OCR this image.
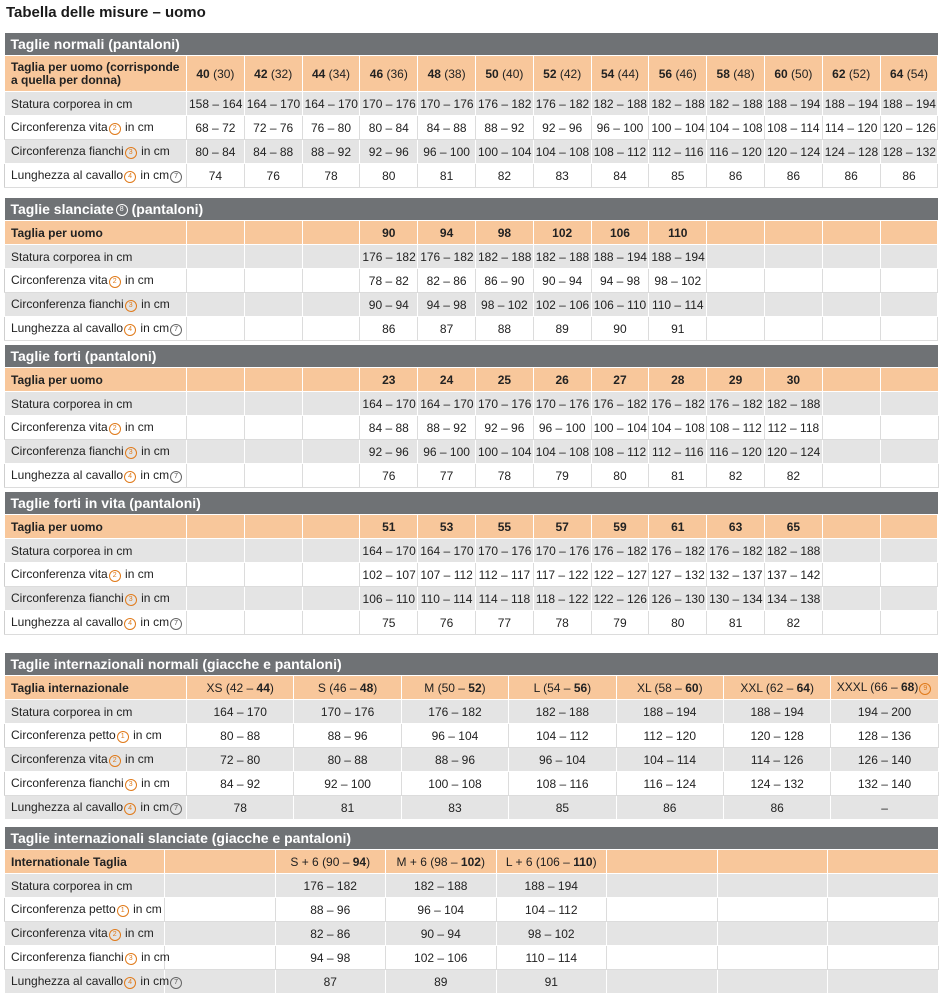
Tabella delle misure – uomo
Taglie normali (pantaloni)													
Taglia per uomo (corrisponde a quella per donna)	40 (30)	42 (32)	44 (34)	46 (36)	48 (38)	50 (40)	52 (42)	54 (44)	56 (46)	58 (48)	60 (50)	62 (52)	64 (54)
Statura corporea in cm	158 – 164	164 – 170	164 – 170	170 – 176	170 – 176	176 – 182	176 – 182	182 – 188	182 – 188	182 – 188	188 – 194	188 – 194	188 – 194
Circonferenza vita 2 in cm	68 – 72	72 – 76	76 – 80	80 – 84	84 – 88	88 – 92	92 – 96	96 – 100	100 – 104	104 – 108	108 – 114	114 – 120	120 – 126
Circonferenza fianchi 3 in cm	80 – 84	84 – 88	88 – 92	92 – 96	96 – 100	100 – 104	104 – 108	108 – 112	112 – 116	116 – 120	120 – 124	124 – 128	128 – 132
Lunghezza al cavallo 4 in cm 7	74	76	78	80	81	82	83	84	85	86	86	86	86
Taglie slanciate 8 (pantaloni)													
Taglia per uomo				90	94	98	102	106	110				
Statura corporea in cm				176 – 182	176 – 182	182 – 188	182 – 188	188 – 194	188 – 194				
Circonferenza vita 2 in cm				78 – 82	82 – 86	86 – 90	90 – 94	94 – 98	98 – 102				
Circonferenza fianchi 3 in cm				90 – 94	94 – 98	98 – 102	102 – 106	106 – 110	110 – 114				
Lunghezza al cavallo 4 in cm 7				86	87	88	89	90	91				
Taglie forti (pantaloni)													
Taglia per uomo				23	24	25	26	27	28	29	30		
Statura corporea in cm				164 – 170	164 – 170	170 – 176	170 – 176	176 – 182	176 – 182	176 – 182	182 – 188		
Circonferenza vita 2 in cm				84 – 88	88 – 92	92 – 96	96 – 100	100 – 104	104 – 108	108 – 112	112 – 118		
Circonferenza fianchi 3 in cm				92 – 96	96 – 100	100 – 104	104 – 108	108 – 112	112 – 116	116 – 120	120 – 124		
Lunghezza al cavallo 4 in cm 7				76	77	78	79	80	81	82	82		
Taglie forti in vita (pantaloni)													
Taglia per uomo				51	53	55	57	59	61	63	65		
Statura corporea in cm				164 – 170	164 – 170	170 – 176	170 – 176	176 – 182	176 – 182	176 – 182	182 – 188		
Circonferenza vita 2 in cm				102 – 107	107 – 112	112 – 117	117 – 122	122 – 127	127 – 132	132 – 137	137 – 142		
Circonferenza fianchi 3 in cm				106 – 110	110 – 114	114 – 118	118 – 122	122 – 126	126 – 130	130 – 134	134 – 138		
Lunghezza al cavallo 4 in cm 7				75	76	77	78	79	80	81	82		
Taglie internazionali normali (giacche e pantaloni)							
Taglia internazionale	XS (42 – 44)	S (46 – 48)	M (50 – 52)	L (54 – 56)	XL (58 – 60)	XXL (62 – 64)	XXXL (66 – 68) 9
Statura corporea in cm	164 – 170	170 – 176	176 – 182	182 – 188	188 – 194	188 – 194	194 – 200
Circonferenza petto 1 in cm	80 – 88	88 – 96	96 – 104	104 – 112	112 – 120	120 – 128	128 – 136
Circonferenza vita 2 in cm	72 – 80	80 – 88	88 – 96	96 – 104	104 – 114	114 – 126	126 – 140
Circonferenza fianchi 3 in cm	84 – 92	92 – 100	100 – 108	108 – 116	116 – 124	124 – 132	132 – 140
Lunghezza al cavallo 4 in cm 7	78	81	83	85	86	86	–
Taglie internazionali slanciate (giacche e pantaloni)							
Internationale Taglia		S + 6 (90 – 94)	M + 6 (98 – 102)	L + 6 (106 – 110)			
Statura corporea in cm		176 – 182	182 – 188	188 – 194			
Circonferenza petto 1 in cm		88 – 96	96 – 104	104 – 112			
Circonferenza vita 2 in cm		82 – 86	90 – 94	98 – 102			
Circonferenza fianchi 3 in cm		94 – 98	102 – 106	110 – 114			
Lunghezza al cavallo 4 in cm 7		87	89	91			
